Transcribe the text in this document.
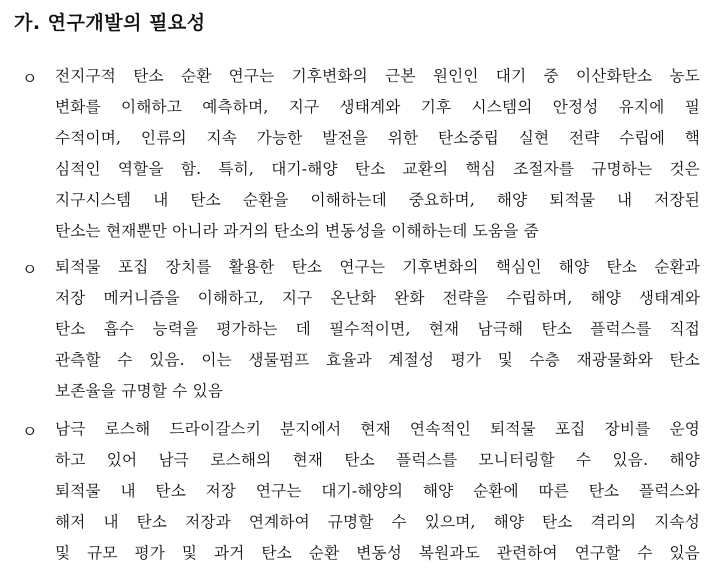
가. 연구개발의 필요성
ㅇ 전지구적 탄소 순환 연구는 기후변화의 근본 원인인 대기 중 이산화탄소 농도
변화를 이해하고 예측하며, 지구 생태계와 기후 시스템의 안정성 유지에 필
수적이며, 인류의 지속 가능한 발전을 위한 탄소중립 실현 전략 수립에 핵
심적인 역할을 함. 특히, 대기-해양 탄소 교환의 핵심 조절자를 규명하는 것은
지구시스템 내 탄소 순환을 이해하는데 중요하며, 해양 퇴적물 내 저장된
탄소는 현재뿐만 아니라 과거의 탄소의 변동성을 이해하는데 도움을 줌
ㅇ 퇴적물 포집 장치를 활용한 탄소 연구는 기후변화의 핵심인 해양 탄소 순환과
저장 메커니즘을 이해하고, 지구 온난화 완화 전략을 수립하며, 해양 생태계와
탄소 흡수 능력을 평가하는 데 필수적이면, 현재 남극해 탄소 플럭스를 직접
관측할 수 있음. 이는 생물펌프 효율과 계절성 평가 및 수층 재광물화와 탄소
보존율을 규명할 수 있음
ㅇ 남극 로스해 드라이갈스키 분지에서 현재 연속적인 퇴적물 포집 장비를 운영
하고 있어 남극 로스해의 현재 탄소 플럭스를 모니터링할 수 있음. 해양
퇴적물 내 탄소 저장 연구는 대기-해양의 해양 순환에 따른 탄소 플럭스와
해저 내 탄소 저장과 연계하여 규명할 수 있으며, 해양 탄소 격리의 지속성
및 규모 평가 및 과거 탄소 순환 변동성 복원과도 관련하여 연구할 수 있음
